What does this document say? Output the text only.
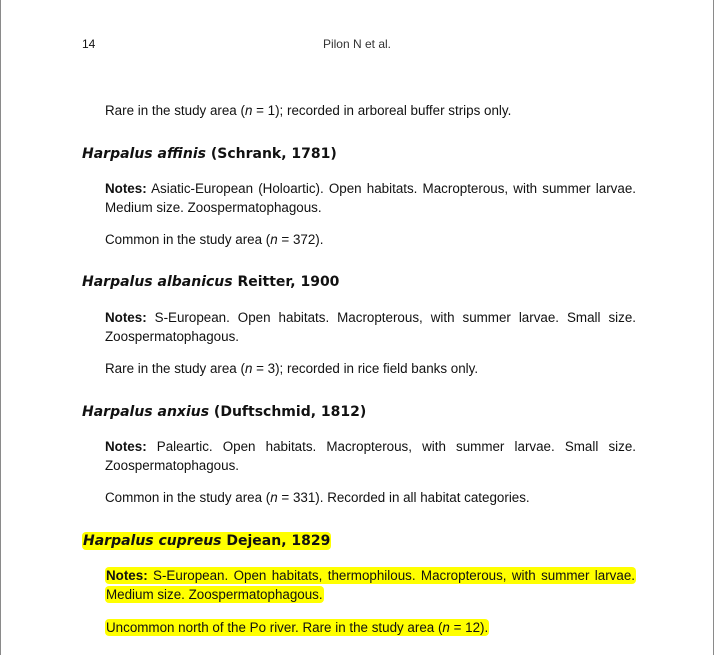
14	Pilon N et al.
Rare in the study area (n = 1); recorded in arboreal buffer strips only.
Harpalus affinis (Schrank, 1781)
Notes: Asiatic-European (Holoartic). Open habitats. Macropterous, with summer larvae. Medium size. Zoospermatophagous.
Common in the study area (n = 372).
Harpalus albanicus Reitter, 1900
Notes: S-European. Open habitats. Macropterous, with summer larvae. Small size. Zoospermatophagous.
Rare in the study area (n = 3); recorded in rice field banks only.
Harpalus anxius (Duftschmid, 1812)
Notes: Paleartic. Open habitats. Macropterous, with summer larvae. Small size. Zoospermatophagous.
Common in the study area (n = 331). Recorded in all habitat categories.
Harpalus cupreus Dejean, 1829
Notes: S-European. Open habitats, thermophilous. Macropterous, with summer larvae. Medium size. Zoospermatophagous.
Uncommon north of the Po river. Rare in the study area (n = 12).
